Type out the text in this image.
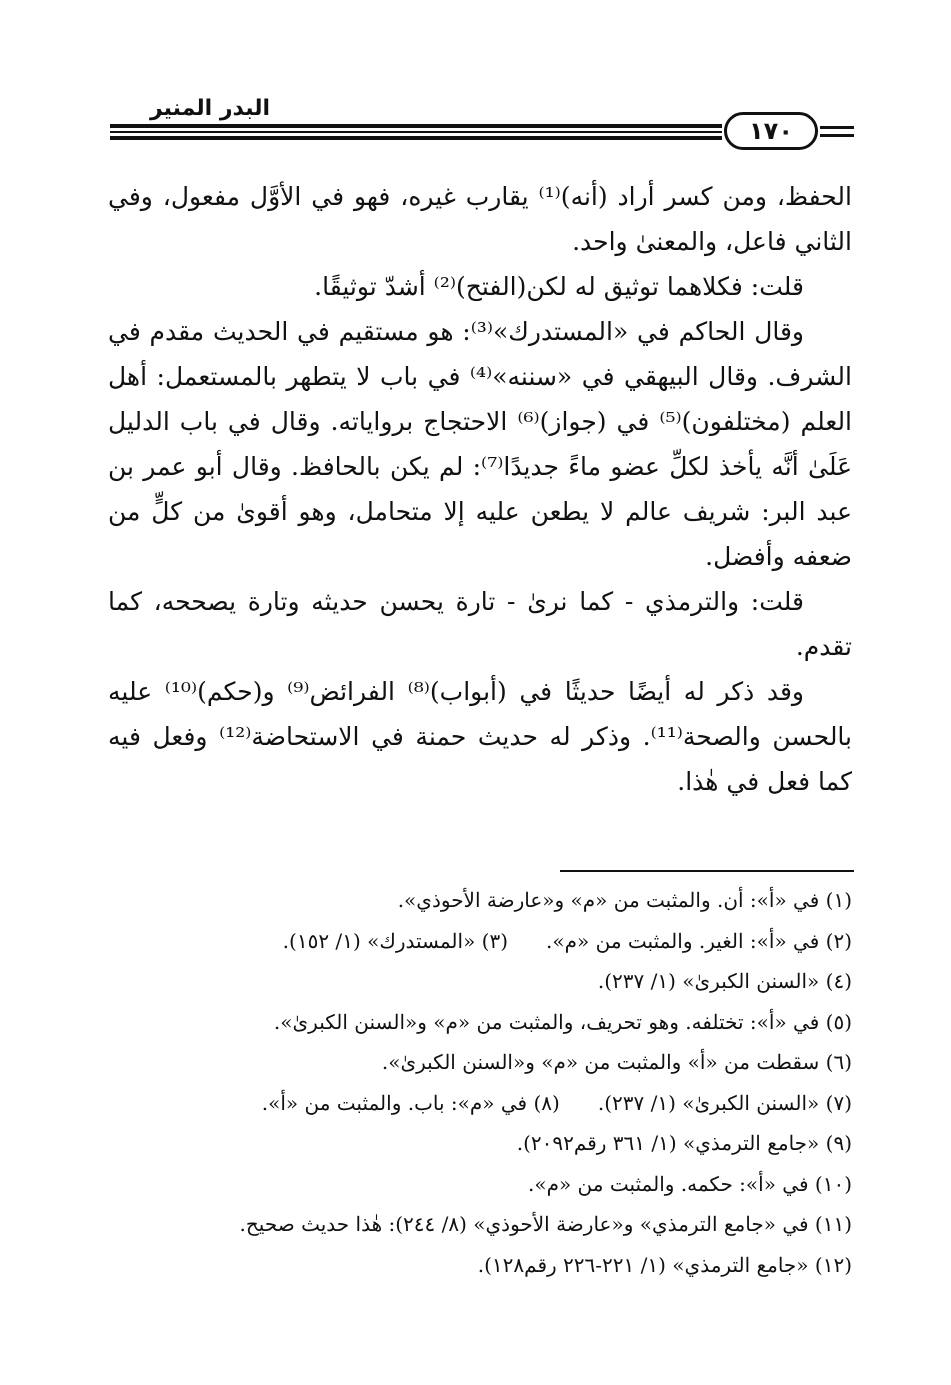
البدر المنير
١٧٠

الحفظ، ومن كسر أراد (أنه)⁽¹⁾ يقارب غيره، فهو في الأوَّل مفعول، وفي الثاني فاعل، والمعنىٰ واحد.

قلت: فكلاهما توثيق له لكن(الفتح)⁽²⁾ أشدّ توثيقًا.

وقال الحاكم في «المستدرك»⁽³⁾: هو مستقيم في الحديث مقدم في الشرف. وقال البيهقي في «سننه»⁽⁴⁾ في باب لا يتطهر بالمستعمل: أهل العلم (مختلفون)⁽⁵⁾ في (جواز)⁽⁶⁾ الاحتجاج برواياته. وقال في باب الدليل عَلَىٰ أنَّه يأخذ لكلِّ عضو ماءً جديدًا⁽⁷⁾: لم يكن بالحافظ. وقال أبو عمر بن عبد البر: شريف عالم لا يطعن عليه إلا متحامل، وهو أقوىٰ من كلٍّ من ضعفه وأفضل.

قلت: والترمذي - كما نرىٰ - تارة يحسن حديثه وتارة يصححه، كما تقدم.

وقد ذكر له أيضًا حديثًا في (أبواب)⁽⁸⁾ الفرائض⁽⁹⁾ و(حكم)⁽¹⁰⁾ عليه بالحسن والصحة⁽¹¹⁾. وذكر له حديث حمنة في الاستحاضة⁽¹²⁾ وفعل فيه كما فعل في هٰذا.

(١) في «أ»: أن. والمثبت من «م» و«عارضة الأحوذي».
(٢) في «أ»: الغير. والمثبت من «م».(٣) «المستدرك» (١/ ١٥٢).
(٤) «السنن الكبرىٰ» (١/ ٢٣٧).
(٥) في «أ»: تختلفه. وهو تحريف، والمثبت من «م» و«السنن الكبرىٰ».
(٦) سقطت من «أ» والمثبت من «م» و«السنن الكبرىٰ».
(٧) «السنن الكبرىٰ» (١/ ٢٣٧).(٨) في «م»: باب. والمثبت من «أ».
(٩) «جامع الترمذي» (١/ ٣٦١ رقم٢٠٩٢).
(١٠) في «أ»: حكمه. والمثبت من «م».
(١١) في «جامع الترمذي» و«عارضة الأحوذي» (٨/ ٢٤٤): هٰذا حديث صحيح.
(١٢) «جامع الترمذي» (١/ ٢٢١-٢٢٦ رقم١٢٨).
